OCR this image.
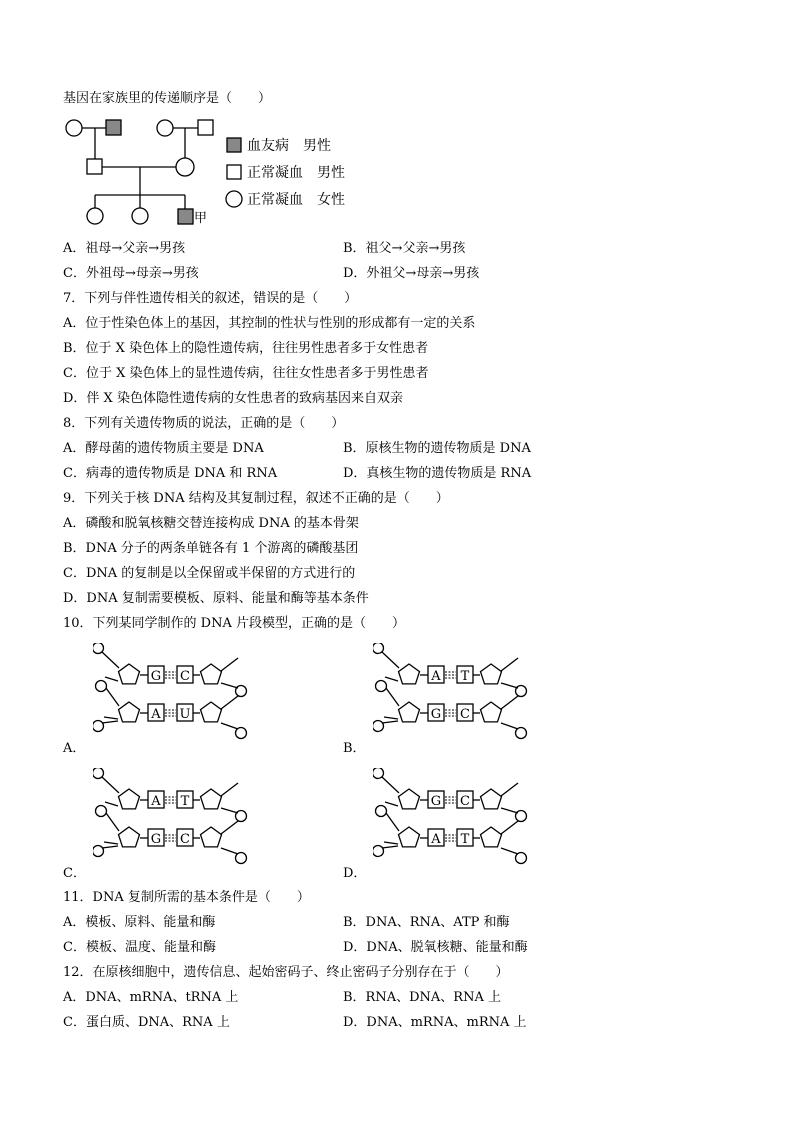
基因在家族里的传递顺序是（　　）
甲
血友病　男性
正常凝血　男性
正常凝血　女性
A．祖母→父亲→男孩	B．祖父→父亲→男孩
C．外祖母→母亲→男孩	D．外祖父→母亲→男孩
7．下列与伴性遗传相关的叙述，错误的是（　　）
A．位于性染色体上的基因，其控制的性状与性别的形成都有一定的关系
B．位于 X 染色体上的隐性遗传病，往往男性患者多于女性患者
C．位于 X 染色体上的显性遗传病，往往女性患者多于男性患者
D．伴 X 染色体隐性遗传病的女性患者的致病基因来自双亲
8．下列有关遗传物质的说法，正确的是（　　）
A．酵母菌的遗传物质主要是 DNA	B．原核生物的遗传物质是 DNA
C．病毒的遗传物质是 DNA 和 RNA	D．真核生物的遗传物质是 RNA
9．下列关于核 DNA 结构及其复制过程，叙述不正确的是（　　）
A．磷酸和脱氧核糖交替连接构成 DNA 的基本骨架
B．DNA 分子的两条单链各有 1 个游离的磷酸基团
C．DNA 的复制是以全保留或半保留的方式进行的
D．DNA 复制需要模板、原料、能量和酶等基本条件
10．下列某同学制作的 DNA 片段模型，正确的是（　　）
G C
A U
A T
G C
A T
G C
G C
A T
A．	B．
C．	D．
11．DNA 复制所需的基本条件是（　　）
A．模板、原料、能量和酶	B．DNA、RNA、ATP 和酶
C．模板、温度、能量和酶	D．DNA、脱氧核糖、能量和酶
12．在原核细胞中，遗传信息、起始密码子、终止密码子分别存在于（　　）
A．DNA、mRNA、tRNA 上	B．RNA、DNA、RNA 上
C．蛋白质、DNA、RNA 上	D．DNA、mRNA、mRNA 上
